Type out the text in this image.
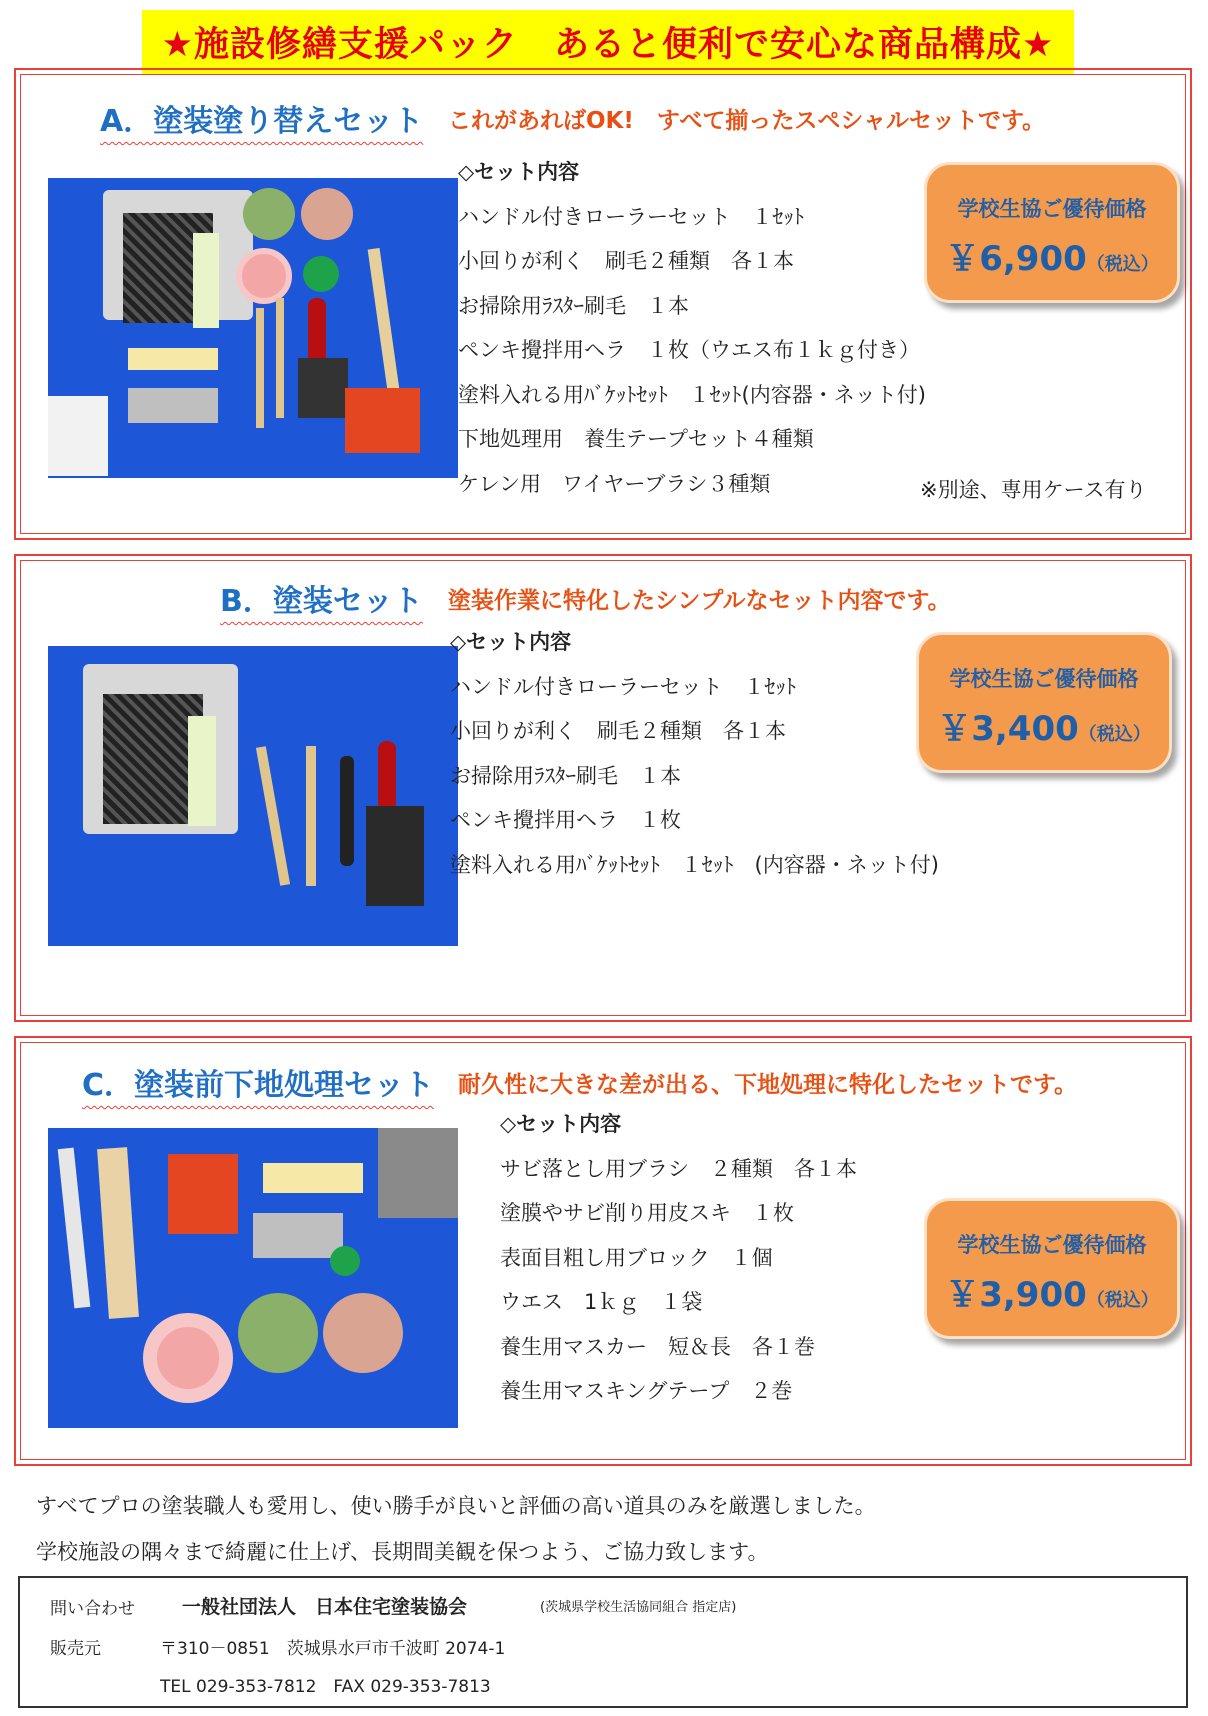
★施設修繕支援パック　あると便利で安心な商品構成★
A．塗装塗り替えセット これがあればOK!　すべて揃ったスペシャルセットです。
◇セット内容
ハンドル付きローラーセット　１ｾｯﾄ
小回りが利く　刷毛２種類　各１本
お掃除用ﾗｽﾀｰ刷毛　１本
ペンキ攪拌用ヘラ　１枚（ウエス布１ｋｇ付き）
塗料入れる用ﾊﾞｹｯﾄｾｯﾄ　１ｾｯﾄ(内容器・ネット付)
下地処理用　養生テープセット４種類
ケレン用　ワイヤーブラシ３種類	※別途、専用ケース有り
学校生協ご優待価格
￥6,900（税込）
B．塗装セット 塗装作業に特化したシンプルなセット内容です。
◇セット内容
ハンドル付きローラーセット　１ｾｯﾄ
小回りが利く　刷毛２種類　各１本
お掃除用ﾗｽﾀｰ刷毛　１本
ペンキ攪拌用ヘラ　１枚
塗料入れる用ﾊﾞｹｯﾄｾｯﾄ　１ｾｯﾄ　(内容器・ネット付)
学校生協ご優待価格
￥3,400（税込）
C．塗装前下地処理セット 耐久性に大きな差が出る、下地処理に特化したセットです。
◇セット内容
サビ落とし用ブラシ　２種類　各１本
塗膜やサビ削り用皮スキ　１枚
表面目粗し用ブロック　１個
ウエス　1ｋｇ　１袋
養生用マスカー　短＆長　各１巻
養生用マスキングテープ　２巻
学校生協ご優待価格
￥3,900（税込）
すべてプロの塗装職人も愛用し、使い勝手が良いと評価の高い道具のみを厳選しました。
学校施設の隅々まで綺麗に仕上げ、長期間美観を保つよう、ご協力致します。
問い合わせ 一般社団法人　日本住宅塗装協会	(茨城県学校生活協同組合 指定店)
販売元	〒310－0851　茨城県水戸市千波町 2074-1
TEL 029-353-7812　FAX 029-353-7813
